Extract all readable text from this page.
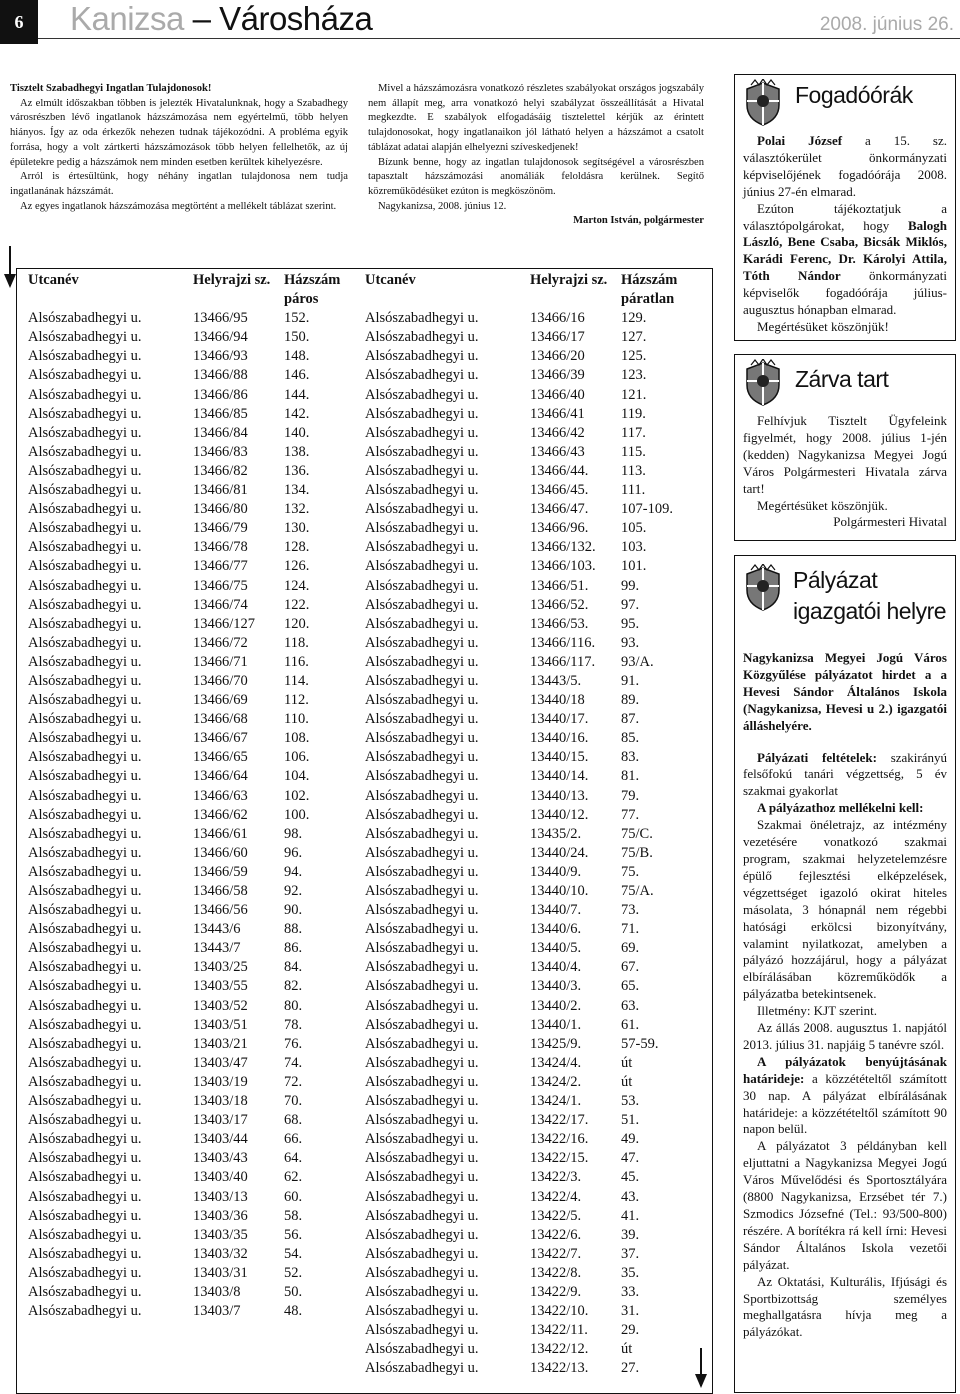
6	Kanizsa – Városháza	2008. június 26.

Tisztelt Szabadhegyi Ingatlan Tulajdonosok!

Az elmúlt időszakban többen is jelezték Hivatalunknak, hogy a Szabadhegy városrészben lévő ingatlanok házszámozása nem egyértelmű, több helyen hiányos. Így az oda érkezők nehezen tudnak tájékozódni. A probléma egyik forrása, hogy a volt zártkerti házszámozások több helyen fellelhetők, az új épületekre pedig a házszámok nem minden esetben kerültek kihelyezésre.

Arról is értesültünk, hogy néhány ingatlan tulajdonosa nem tudja ingatlanának házszámát.

Az egyes ingatlanok házszámozása megtörtént a mellékelt táblázat szerint.

Mivel a házszámozásra vonatkozó részletes szabályokat országos jogszabály nem állapít meg, arra vonatkozó helyi szabályzat összeállítását a Hivatal megkezdte. E szabályok elfogadásáig tisztelettel kérjük az érintett tulajdonosokat, hogy ingatlanaikon jól látható helyen a házszámot a csatolt táblázat adatai alapján elhelyezni szíveskedjenek!

Bízunk benne, hogy az ingatlan tulajdonosok segítségével a városrészben tapasztalt házszámozási anomáliák feloldásra kerülnek. Segítő közreműködésüket ezúton is megköszönöm.

Nagykanizsa, 2008. június 12.

Marton István, polgármester

Utcanév	Helyrajzi sz. Házszám
páros
Alsószabadhegyi u.	13466/95	152.
Alsószabadhegyi u.	13466/94	150.
Alsószabadhegyi u.	13466/93	148.
Alsószabadhegyi u.	13466/88	146.
Alsószabadhegyi u.	13466/86	144.
Alsószabadhegyi u.	13466/85	142.
Alsószabadhegyi u.	13466/84	140.
Alsószabadhegyi u.	13466/83	138.
Alsószabadhegyi u.	13466/82	136.
Alsószabadhegyi u.	13466/81	134.
Alsószabadhegyi u.	13466/80	132.
Alsószabadhegyi u.	13466/79	130.
Alsószabadhegyi u.	13466/78	128.
Alsószabadhegyi u.	13466/77	126.
Alsószabadhegyi u.	13466/75	124.
Alsószabadhegyi u.	13466/74	122.
Alsószabadhegyi u.	13466/127	120.
Alsószabadhegyi u.	13466/72	118.
Alsószabadhegyi u.	13466/71	116.
Alsószabadhegyi u.	13466/70	114.
Alsószabadhegyi u.	13466/69	112.
Alsószabadhegyi u.	13466/68	110.
Alsószabadhegyi u.	13466/67	108.
Alsószabadhegyi u.	13466/65	106.
Alsószabadhegyi u.	13466/64	104.
Alsószabadhegyi u.	13466/63	102.
Alsószabadhegyi u.	13466/62	100.
Alsószabadhegyi u.	13466/61	98.
Alsószabadhegyi u.	13466/60	96.
Alsószabadhegyi u.	13466/59	94.
Alsószabadhegyi u.	13466/58	92.
Alsószabadhegyi u.	13466/56	90.
Alsószabadhegyi u.	13443/6	88.
Alsószabadhegyi u.	13443/7	86.
Alsószabadhegyi u.	13403/25	84.
Alsószabadhegyi u.	13403/55	82.
Alsószabadhegyi u.	13403/52	80.
Alsószabadhegyi u.	13403/51	78.
Alsószabadhegyi u.	13403/21	76.
Alsószabadhegyi u.	13403/47	74.
Alsószabadhegyi u.	13403/19	72.
Alsószabadhegyi u.	13403/18	70.
Alsószabadhegyi u.	13403/17	68.
Alsószabadhegyi u.	13403/44	66.
Alsószabadhegyi u.	13403/43	64.
Alsószabadhegyi u.	13403/40	62.
Alsószabadhegyi u.	13403/13	60.
Alsószabadhegyi u.	13403/36	58.
Alsószabadhegyi u.	13403/35	56.
Alsószabadhegyi u.	13403/32	54.
Alsószabadhegyi u.	13403/31	52.
Alsószabadhegyi u.	13403/8	50.
Alsószabadhegyi u.	13403/7	48.
Utcanév	Helyrajzi sz. Házszám
páratlan
Alsószabadhegyi u.	13466/16	129.
Alsószabadhegyi u.	13466/17	127.
Alsószabadhegyi u.	13466/20	125.
Alsószabadhegyi u.	13466/39	123.
Alsószabadhegyi u.	13466/40	121.
Alsószabadhegyi u.	13466/41	119.
Alsószabadhegyi u.	13466/42	117.
Alsószabadhegyi u.	13466/43	115.
Alsószabadhegyi u.	13466/44.	113.
Alsószabadhegyi u.	13466/45.	111.
Alsószabadhegyi u.	13466/47.	107-109.
Alsószabadhegyi u.	13466/96.	105.
Alsószabadhegyi u.	13466/132.	103.
Alsószabadhegyi u.	13466/103.	101.
Alsószabadhegyi u.	13466/51.	99.
Alsószabadhegyi u.	13466/52.	97.
Alsószabadhegyi u.	13466/53.	95.
Alsószabadhegyi u.	13466/116.	93.
Alsószabadhegyi u.	13466/117.	93/A.
Alsószabadhegyi u.	13443/5.	91.
Alsószabadhegyi u.	13440/18	89.
Alsószabadhegyi u.	13440/17.	87.
Alsószabadhegyi u.	13440/16.	85.
Alsószabadhegyi u.	13440/15.	83.
Alsószabadhegyi u.	13440/14.	81.
Alsószabadhegyi u.	13440/13.	79.
Alsószabadhegyi u.	13440/12.	77.
Alsószabadhegyi u.	13435/2.	75/C.
Alsószabadhegyi u.	13440/24.	75/B.
Alsószabadhegyi u.	13440/9.	75.
Alsószabadhegyi u.	13440/10.	75/A.
Alsószabadhegyi u.	13440/7.	73.
Alsószabadhegyi u.	13440/6.	71.
Alsószabadhegyi u.	13440/5.	69.
Alsószabadhegyi u.	13440/4.	67.
Alsószabadhegyi u.	13440/3.	65.
Alsószabadhegyi u.	13440/2.	63.
Alsószabadhegyi u.	13440/1.	61.
Alsószabadhegyi u.	13425/9.	57-59.
Alsószabadhegyi u.	13424/4.	út
Alsószabadhegyi u.	13424/2.	út
Alsószabadhegyi u.	13424/1.	53.
Alsószabadhegyi u.	13422/17.	51.
Alsószabadhegyi u.	13422/16.	49.
Alsószabadhegyi u.	13422/15.	47.
Alsószabadhegyi u.	13422/3.	45.
Alsószabadhegyi u.	13422/4.	43.
Alsószabadhegyi u.	13422/5.	41.
Alsószabadhegyi u.	13422/6.	39.
Alsószabadhegyi u.	13422/7.	37.
Alsószabadhegyi u.	13422/8.	35.
Alsószabadhegyi u.	13422/9.	33.
Alsószabadhegyi u.	13422/10.	31.
Alsószabadhegyi u.	13422/11.	29.
Alsószabadhegyi u.	13422/12.	út
Alsószabadhegyi u.	13422/13.	27.
Fogadóórák

Polai József a 15. sz. választókerület önkormányzati képviselőjének fogadóórája 2008. június 27-én elmarad.

Ezúton tájékoztatjuk a választópolgárokat, hogy Balogh László, Bene Csaba, Bicsák Miklós, Karádi Ferenc, Dr. Károlyi Attila, Tóth Nándor önkormányzati képviselők fogadóórája július-augusztus hónapban elmarad.

Megértésüket köszönjük!

Zárva tart

Felhívjuk Tisztelt Ügyfeleink figyelmét, hogy 2008. július 1-jén (kedden) Nagykanizsa Megyei Jogú Város Polgármesteri Hivatala zárva tart!

Megértésüket köszönjük.

Polgármesteri Hivatal

Pályázat
igazgatói helyre

Nagykanizsa Megyei Jogú Város Közgyűlése pályázatot hirdet a a Hevesi Sándor Általános Iskola (Nagykanizsa, Hevesi u 2.) igazgatói álláshelyére.

Pályázati feltételek: szakirányú felsőfokú tanári végzettség, 5 év szakmai gyakorlat

A pályázathoz mellékelni kell:

Szakmai önéletrajz, az intézmény vezetésére vonatkozó szakmai program, szakmai helyzetelemzésre épülő fejlesztési elképzelések, végzettséget igazoló okirat hiteles másolata, 3 hónapnál nem régebbi hatósági erkölcsi bizonyítvány, valamint nyilatkozat, amelyben a pályázó hozzájárul, hogy a pályázat elbírálásában közreműködők a pályázatba betekintsenek.

Illetmény: KJT szerint.

Az állás 2008. augusztus 1. napjától 2013. július 31. napjáig 5 tanévre szól.

A pályázatok benyújtásának határideje: a közzétételtől számított 30 nap. A pályázat elbírálásának határideje: a közzétételtől számított 90 napon belül.

A pályázatot 3 példányban kell eljuttatni a Nagykanizsa Megyei Jogú Város Művelődési és Sportosztályára (8800 Nagykanizsa, Erzsébet tér 7.) Szmodics Józsefné (Tel.: 93/500-800) részére. A borítékra rá kell írni: Hevesi Sándor Általános Iskola vezetői pályázat.

Az Oktatási, Kulturális, Ifjúsági és Sportbizottság személyes meghallgatásra hívja meg a pályázókat.
